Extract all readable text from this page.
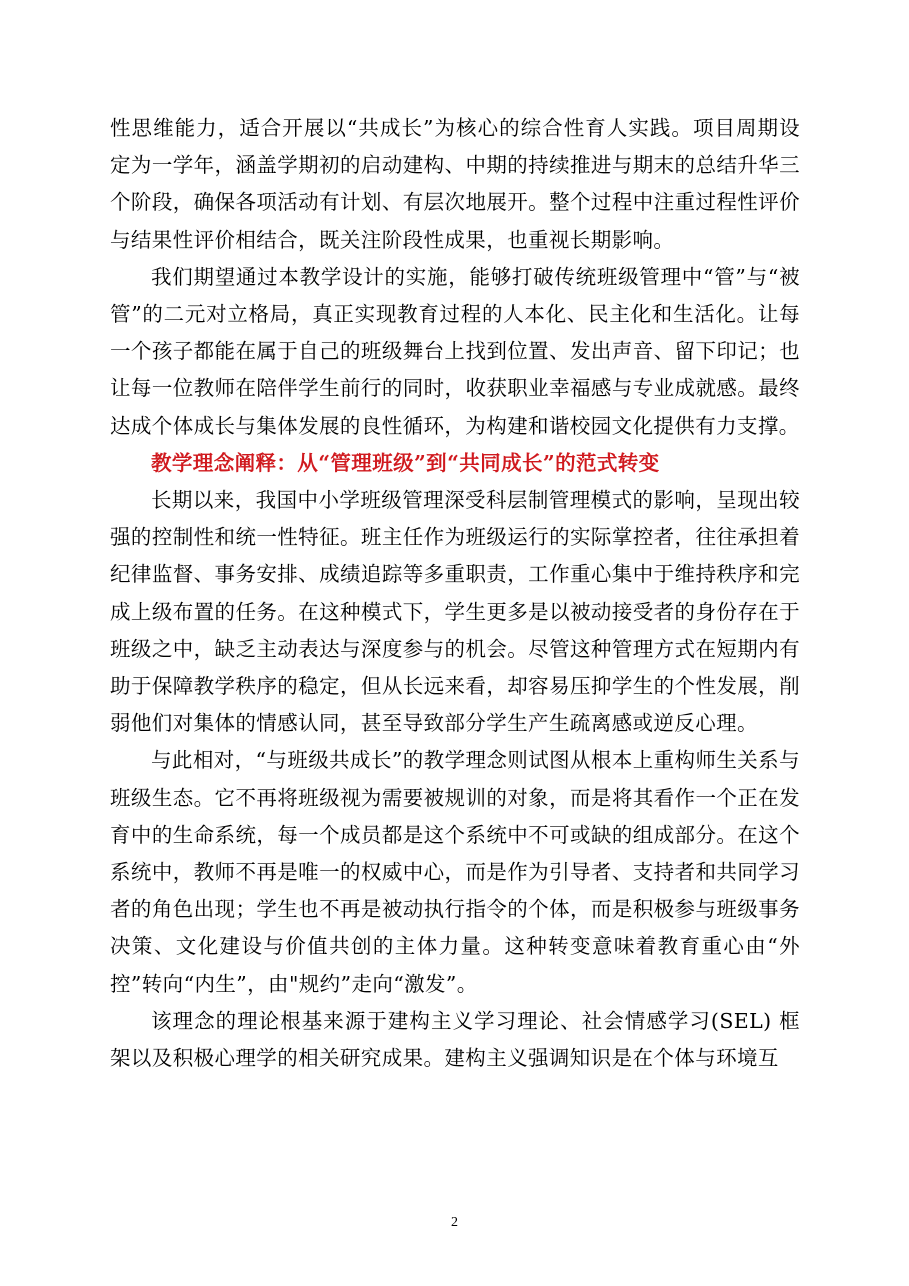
性思维能力，适合开展以“共成长”为核心的综合性育人实践。项目周期设定为一学年，涵盖学期初的启动建构、中期的持续推进与期末的总结升华三个阶段，确保各项活动有计划、有层次地展开。整个过程中注重过程性评价与结果性评价相结合，既关注阶段性成果，也重视长期影响。

我们期望通过本教学设计的实施，能够打破传统班级管理中“管”与“被管”的二元对立格局，真正实现教育过程的人本化、民主化和生活化。让每一个孩子都能在属于自己的班级舞台上找到位置、发出声音、留下印记；也让每一位教师在陪伴学生前行的同时，收获职业幸福感与专业成就感。最终达成个体成长与集体发展的良性循环，为构建和谐校园文化提供有力支撑。

教学理念阐释：从“管理班级”到“共同成长”的范式转变

长期以来，我国中小学班级管理深受科层制管理模式的影响，呈现出较强的控制性和统一性特征。班主任作为班级运行的实际掌控者，往往承担着纪律监督、事务安排、成绩追踪等多重职责，工作重心集中于维持秩序和完成上级布置的任务。在这种模式下，学生更多是以被动接受者的身份存在于班级之中，缺乏主动表达与深度参与的机会。尽管这种管理方式在短期内有助于保障教学秩序的稳定，但从长远来看，却容易压抑学生的个性发展，削弱他们对集体的情感认同，甚至导致部分学生产生疏离感或逆反心理。

与此相对，“与班级共成长”的教学理念则试图从根本上重构师生关系与班级生态。它不再将班级视为需要被规训的对象，而是将其看作一个正在发育中的生命系统，每一个成员都是这个系统中不可或缺的组成部分。在这个系统中，教师不再是唯一的权威中心，而是作为引导者、支持者和共同学习者的角色出现；学生也不再是被动执行指令的个体，而是积极参与班级事务决策、文化建设与价值共创的主体力量。这种转变意味着教育重心由“外控”转向“内生”，由"规约”走向“激发”。

该理念的理论根基来源于建构主义学习理论、社会情感学习(SEL) 框架以及积极心理学的相关研究成果。建构主义强调知识是在个体与环境互

2
